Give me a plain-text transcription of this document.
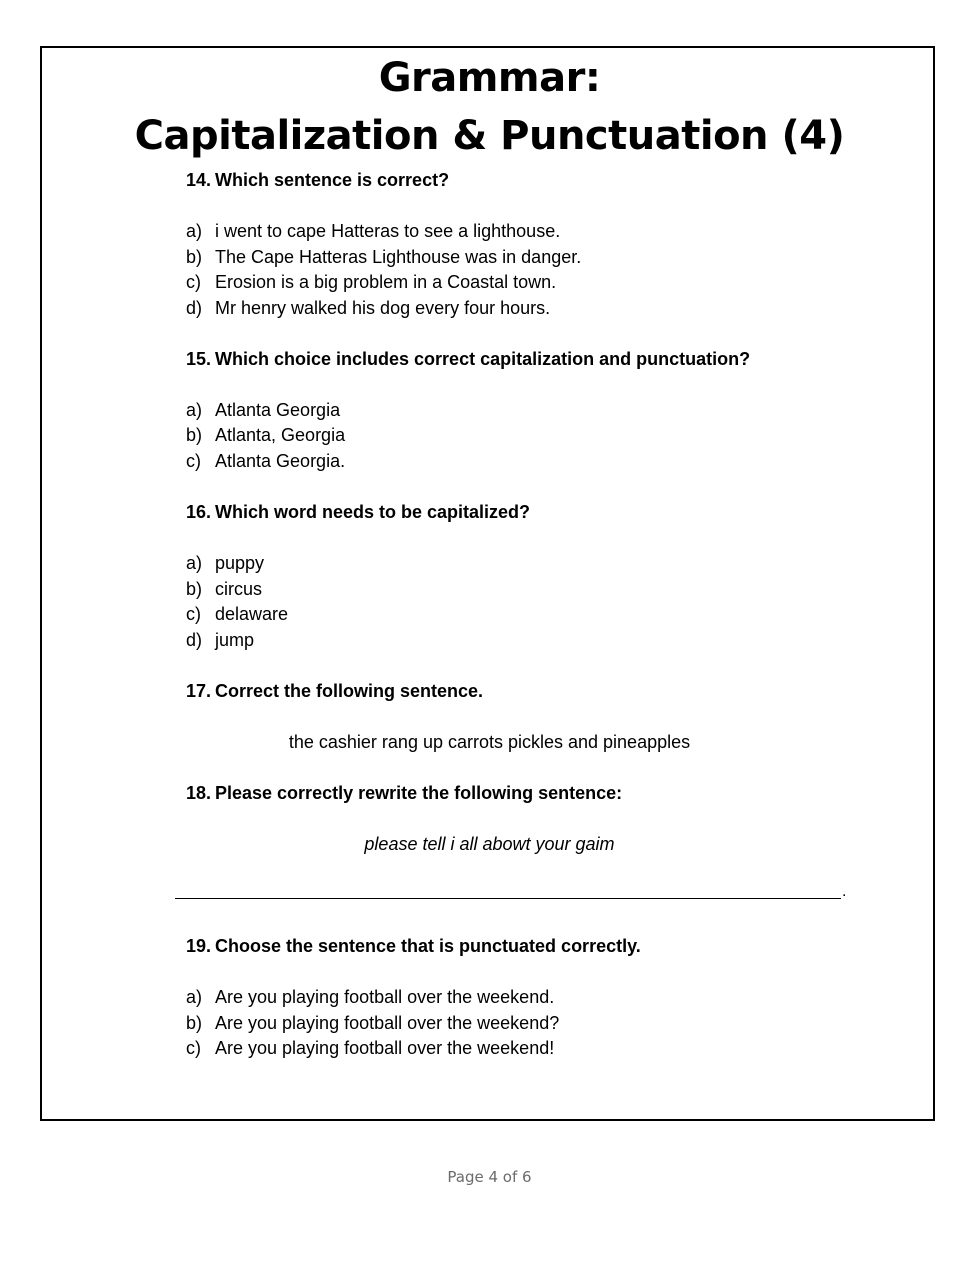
Grammar:
Capitalization & Punctuation (4)
14. Which sentence is correct?
a) i went to cape Hatteras to see a lighthouse.
b) The Cape Hatteras Lighthouse was in danger.
c) Erosion is a big problem in a Coastal town.
d) Mr henry walked his dog every four hours.
15. Which choice includes correct capitalization and punctuation?
a) Atlanta Georgia
b) Atlanta, Georgia
c) Atlanta Georgia.
16. Which word needs to be capitalized?
a) puppy
b) circus
c) delaware
d) jump
17. Correct the following sentence.
the cashier rang up carrots pickles and pineapples
18. Please correctly rewrite the following sentence:
please tell i all abowt your gaim
.
19. Choose the sentence that is punctuated correctly.
a) Are you playing football over the weekend.
b) Are you playing football over the weekend?
c) Are you playing football over the weekend!
Page 4 of 6
